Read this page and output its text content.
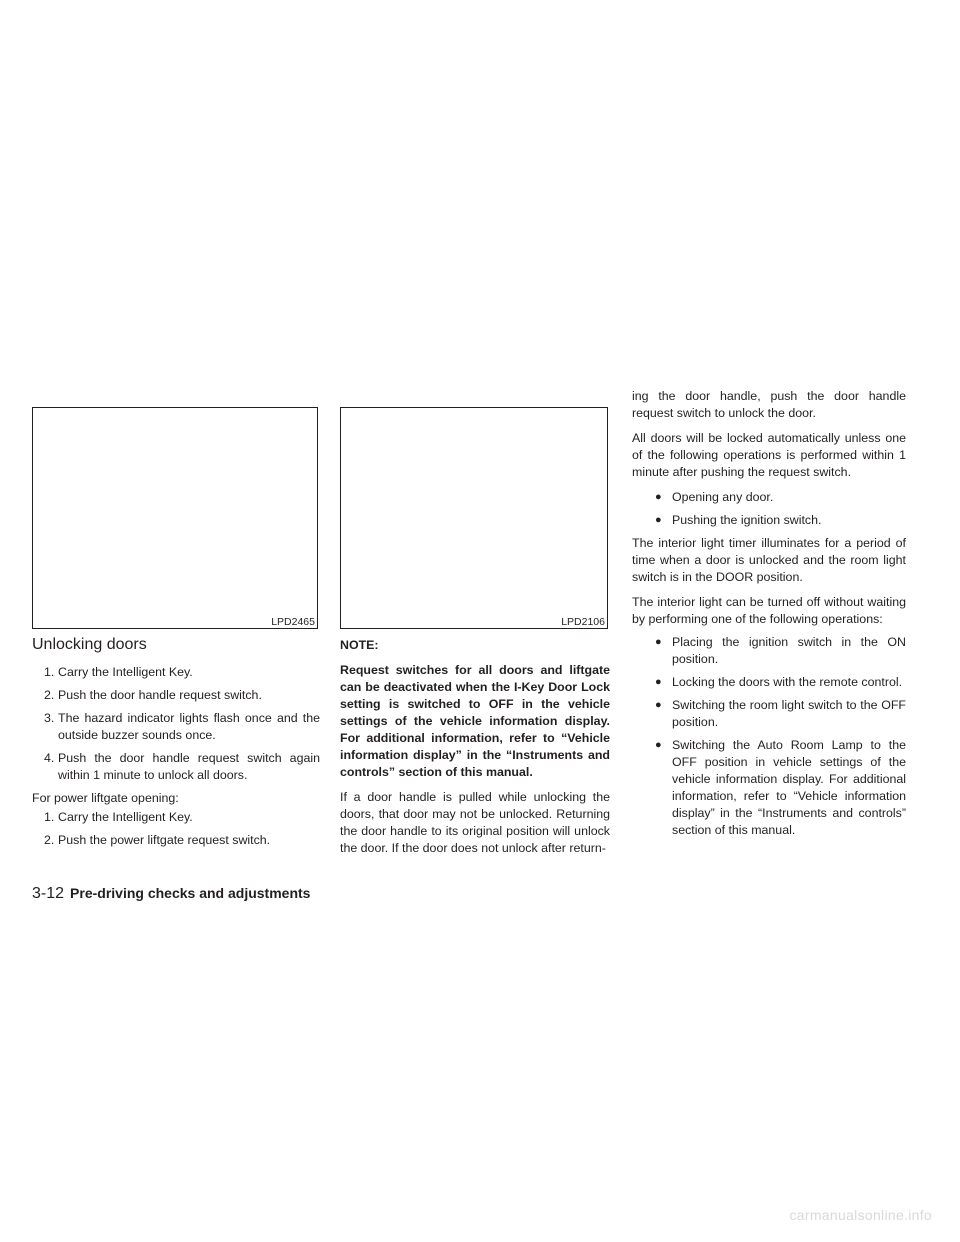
LPD2465	LPD2106
Unlocking doors
1. Carry the Intelligent Key.
2. Push the door handle request switch.
3. The hazard indicator lights flash once and the outside buzzer sounds once.
4. Push the door handle request switch again within 1 minute to unlock all doors.

For power liftgate opening:

1. Carry the Intelligent Key.
2. Push the power liftgate request switch.
NOTE:
Request switches for all doors and liftgate can be deactivated when the I-Key Door Lock setting is switched to OFF in the vehicle settings of the vehicle information display. For additional information, refer to “Vehicle information display” in the “Instruments and controls” section of this manual.

If a door handle is pulled while unlocking the doors, that door may not be unlocked. Returning the door handle to its original position will unlock the door. If the door does not unlock after return-

ing the door handle, push the door handle request switch to unlock the door.

All doors will be locked automatically unless one of the following operations is performed within 1 minute after pushing the request switch.

● Opening any door.
● Pushing the ignition switch.

The interior light timer illuminates for a period of time when a door is unlocked and the room light switch is in the DOOR position.

The interior light can be turned off without waiting by performing one of the following operations:

● Placing the ignition switch in the ON position.
● Locking the doors with the remote control.
● Switching the room light switch to the OFF position.
● Switching the Auto Room Lamp to the OFF position in vehicle settings of the vehicle information display. For additional information, refer to “Vehicle information display” in the “Instruments and controls” section of this manual.
3-12 Pre-driving checks and adjustments
carmanualsonline.info
